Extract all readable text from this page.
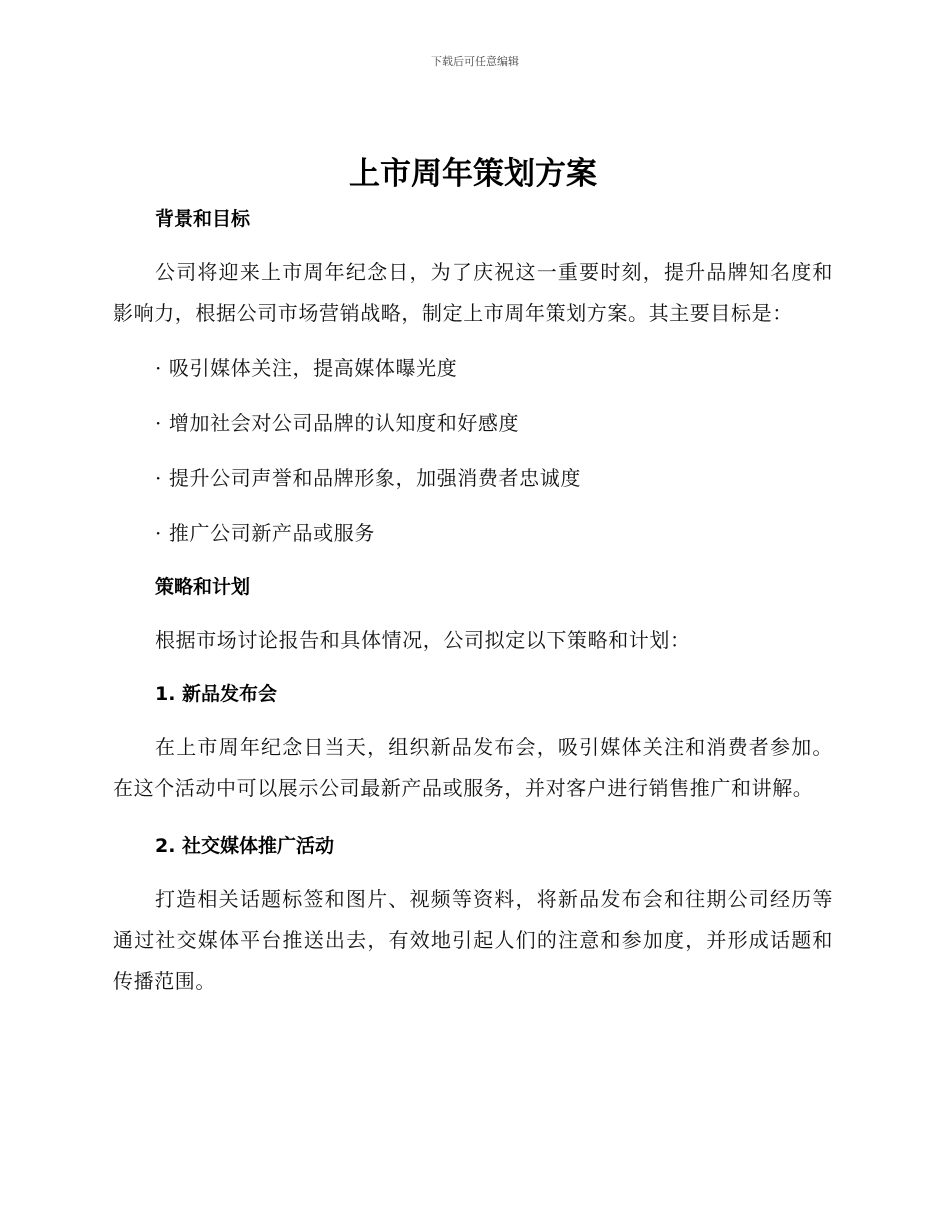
下载后可任意编辑
上市周年策划方案
背景和目标

公司将迎来上市周年纪念日，为了庆祝这一重要时刻，提升品牌知名度和影响力，根据公司市场营销战略，制定上市周年策划方案。其主要目标是：

· 吸引媒体关注，提高媒体曝光度

· 增加社会对公司品牌的认知度和好感度

· 提升公司声誉和品牌形象，加强消费者忠诚度

· 推广公司新产品或服务

策略和计划

根据市场讨论报告和具体情况，公司拟定以下策略和计划：

1. 新品发布会

在上市周年纪念日当天，组织新品发布会，吸引媒体关注和消费者参加。在这个活动中可以展示公司最新产品或服务，并对客户进行销售推广和讲解。

2. 社交媒体推广活动

打造相关话题标签和图片、视频等资料，将新品发布会和往期公司经历等通过社交媒体平台推送出去，有效地引起人们的注意和参加度，并形成话题和传播范围。
